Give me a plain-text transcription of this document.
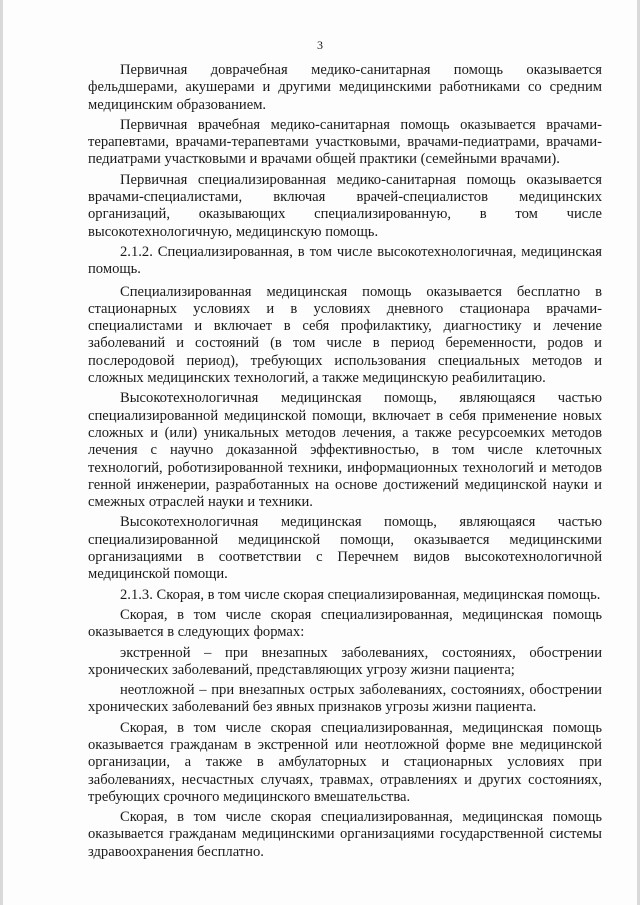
3

Первичная доврачебная медико-санитарная помощь оказывается фельдшерами, акушерами и другими медицинскими работниками со средним медицинским образованием.

Первичная врачебная медико-санитарная помощь оказывается врачами-терапевтами, врачами-терапевтами участковыми, врачами-педиатрами, врачами-педиатрами участковыми и врачами общей практики (семейными врачами).

Первичная специализированная медико-санитарная помощь оказывается врачами-специалистами, включая врачей-специалистов медицинских организаций, оказывающих специализированную, в том числе высокотехнологичную, медицинскую помощь.

2.1.2. Специализированная, в том числе высокотехнологичная, медицинская помощь.

Специализированная медицинская помощь оказывается бесплатно в стационарных условиях и в условиях дневного стационара врачами-специалистами и включает в себя профилактику, диагностику и лечение заболеваний и состояний (в том числе в период беременности, родов и послеродовой период), требующих использования специальных методов и сложных медицинских технологий, а также медицинскую реабилитацию.

Высокотехнологичная медицинская помощь, являющаяся частью специализированной медицинской помощи, включает в себя применение новых сложных и (или) уникальных методов лечения, а также ресурсоемких методов лечения с научно доказанной эффективностью, в том числе клеточных технологий, роботизированной техники, информационных технологий и методов генной инженерии, разработанных на основе достижений медицинской науки и смежных отраслей науки и техники.

Высокотехнологичная медицинская помощь, являющаяся частью специализированной медицинской помощи, оказывается медицинскими организациями в соответствии с Перечнем видов высокотехнологичной медицинской помощи.

2.1.3. Скорая, в том числе скорая специализированная, медицинская помощь.

Скорая, в том числе скорая специализированная, медицинская помощь оказывается в следующих формах:

экстренной – при внезапных заболеваниях, состояниях, обострении хронических заболеваний, представляющих угрозу жизни пациента;

неотложной – при внезапных острых заболеваниях, состояниях, обострении хронических заболеваний без явных признаков угрозы жизни пациента.

Скорая, в том числе скорая специализированная, медицинская помощь оказывается гражданам в экстренной или неотложной форме вне медицинской организации, а также в амбулаторных и стационарных условиях при заболеваниях, несчастных случаях, травмах, отравлениях и других состояниях, требующих срочного медицинского вмешательства.

Скорая, в том числе скорая специализированная, медицинская помощь оказывается гражданам медицинскими организациями государственной системы здравоохранения бесплатно.
